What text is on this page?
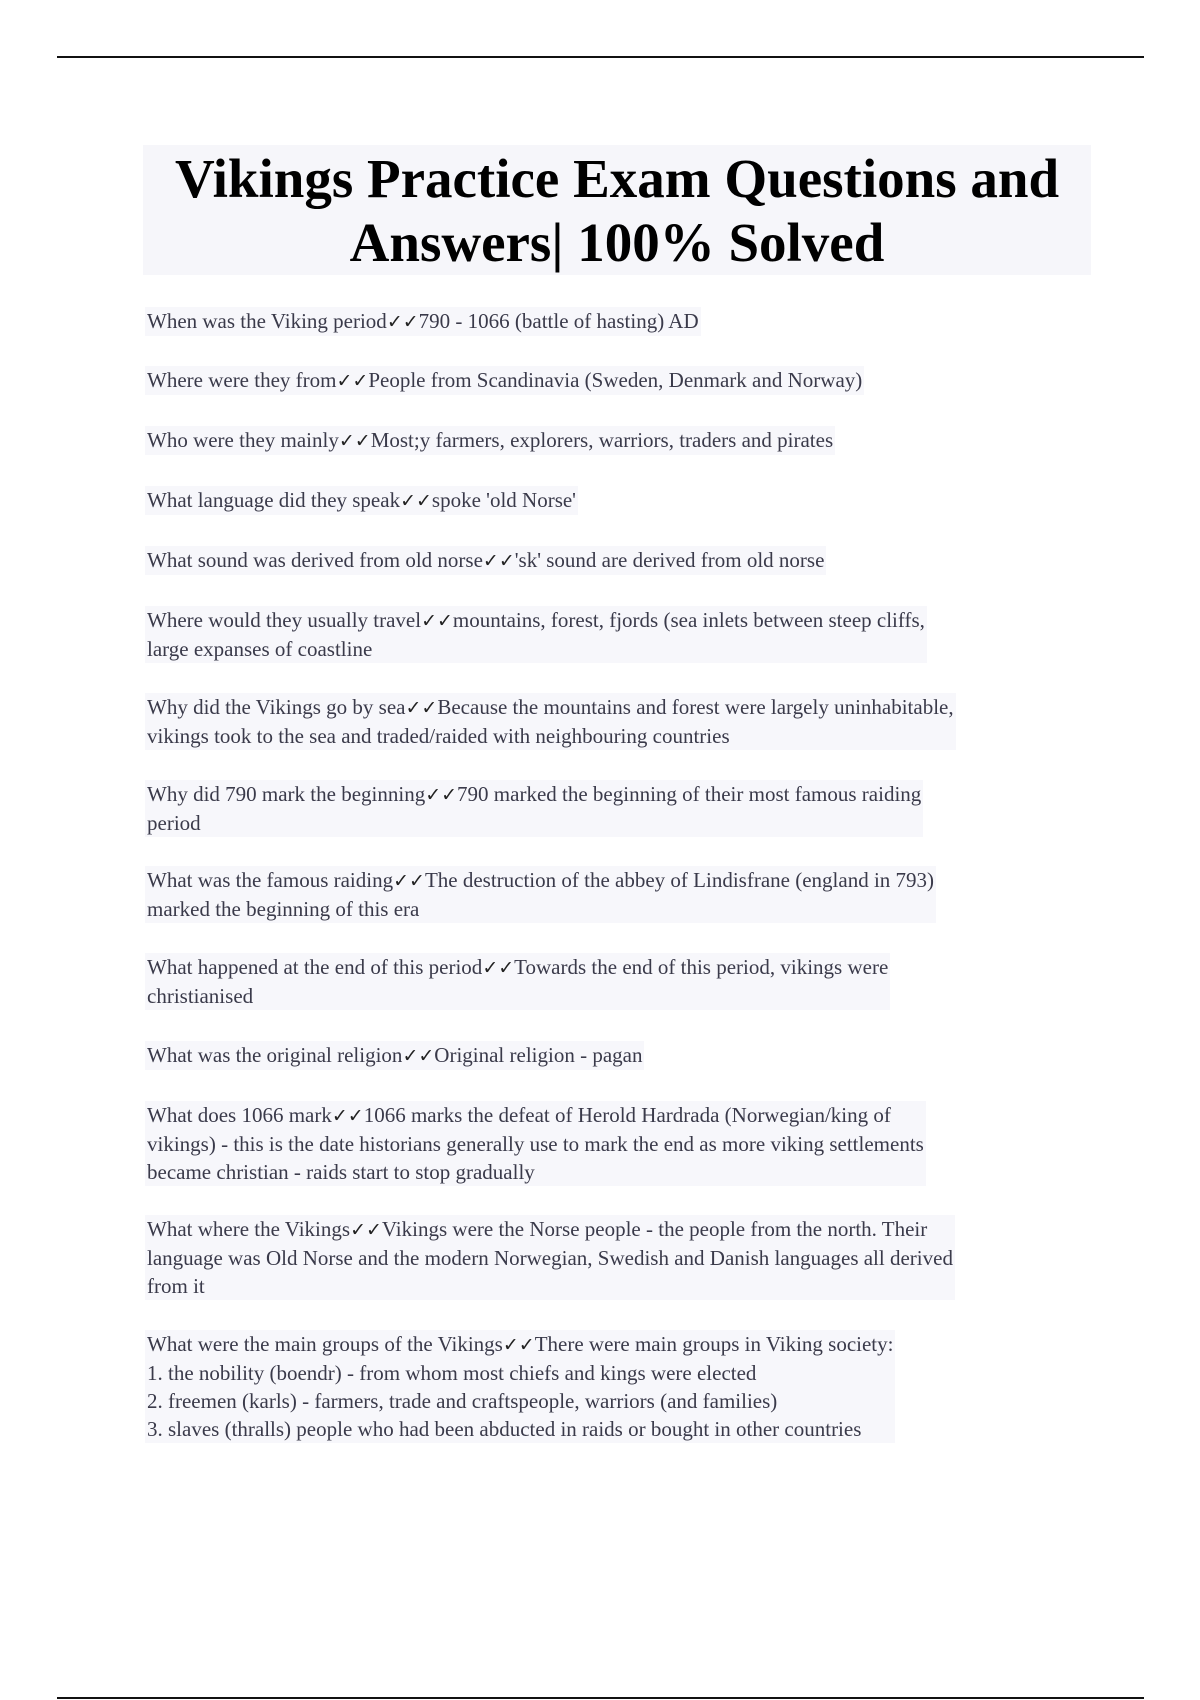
Vikings Practice Exam Questions and
Answers| 100% Solved
When was the Viking period✓✓790 - 1066 (battle of hasting) AD
Where were they from✓✓People from Scandinavia (Sweden, Denmark and Norway)
Who were they mainly✓✓Most;y farmers, explorers, warriors, traders and pirates
What language did they speak✓✓spoke 'old Norse'
What sound was derived from old norse✓✓'sk' sound are derived from old norse
Where would they usually travel✓✓mountains, forest, fjords (sea inlets between steep cliffs,
large expanses of coastline
Why did the Vikings go by sea✓✓Because the mountains and forest were largely uninhabitable,
vikings took to the sea and traded/raided with neighbouring countries
Why did 790 mark the beginning✓✓790 marked the beginning of their most famous raiding
period
What was the famous raiding✓✓The destruction of the abbey of Lindisfrane (england in 793)
marked the beginning of this era
What happened at the end of this period✓✓Towards the end of this period, vikings were
christianised
What was the original religion✓✓Original religion - pagan
What does 1066 mark✓✓1066 marks the defeat of Herold Hardrada (Norwegian/king of
vikings) - this is the date historians generally use to mark the end as more viking settlements
became christian - raids start to stop gradually
What where the Vikings✓✓Vikings were the Norse people - the people from the north. Their
language was Old Norse and the modern Norwegian, Swedish and Danish languages all derived
from it
What were the main groups of the Vikings✓✓There were main groups in Viking society:
1. the nobility (boendr) - from whom most chiefs and kings were elected
2. freemen (karls) - farmers, trade and craftspeople, warriors (and families)
3. slaves (thralls) people who had been abducted in raids or bought in other countries
